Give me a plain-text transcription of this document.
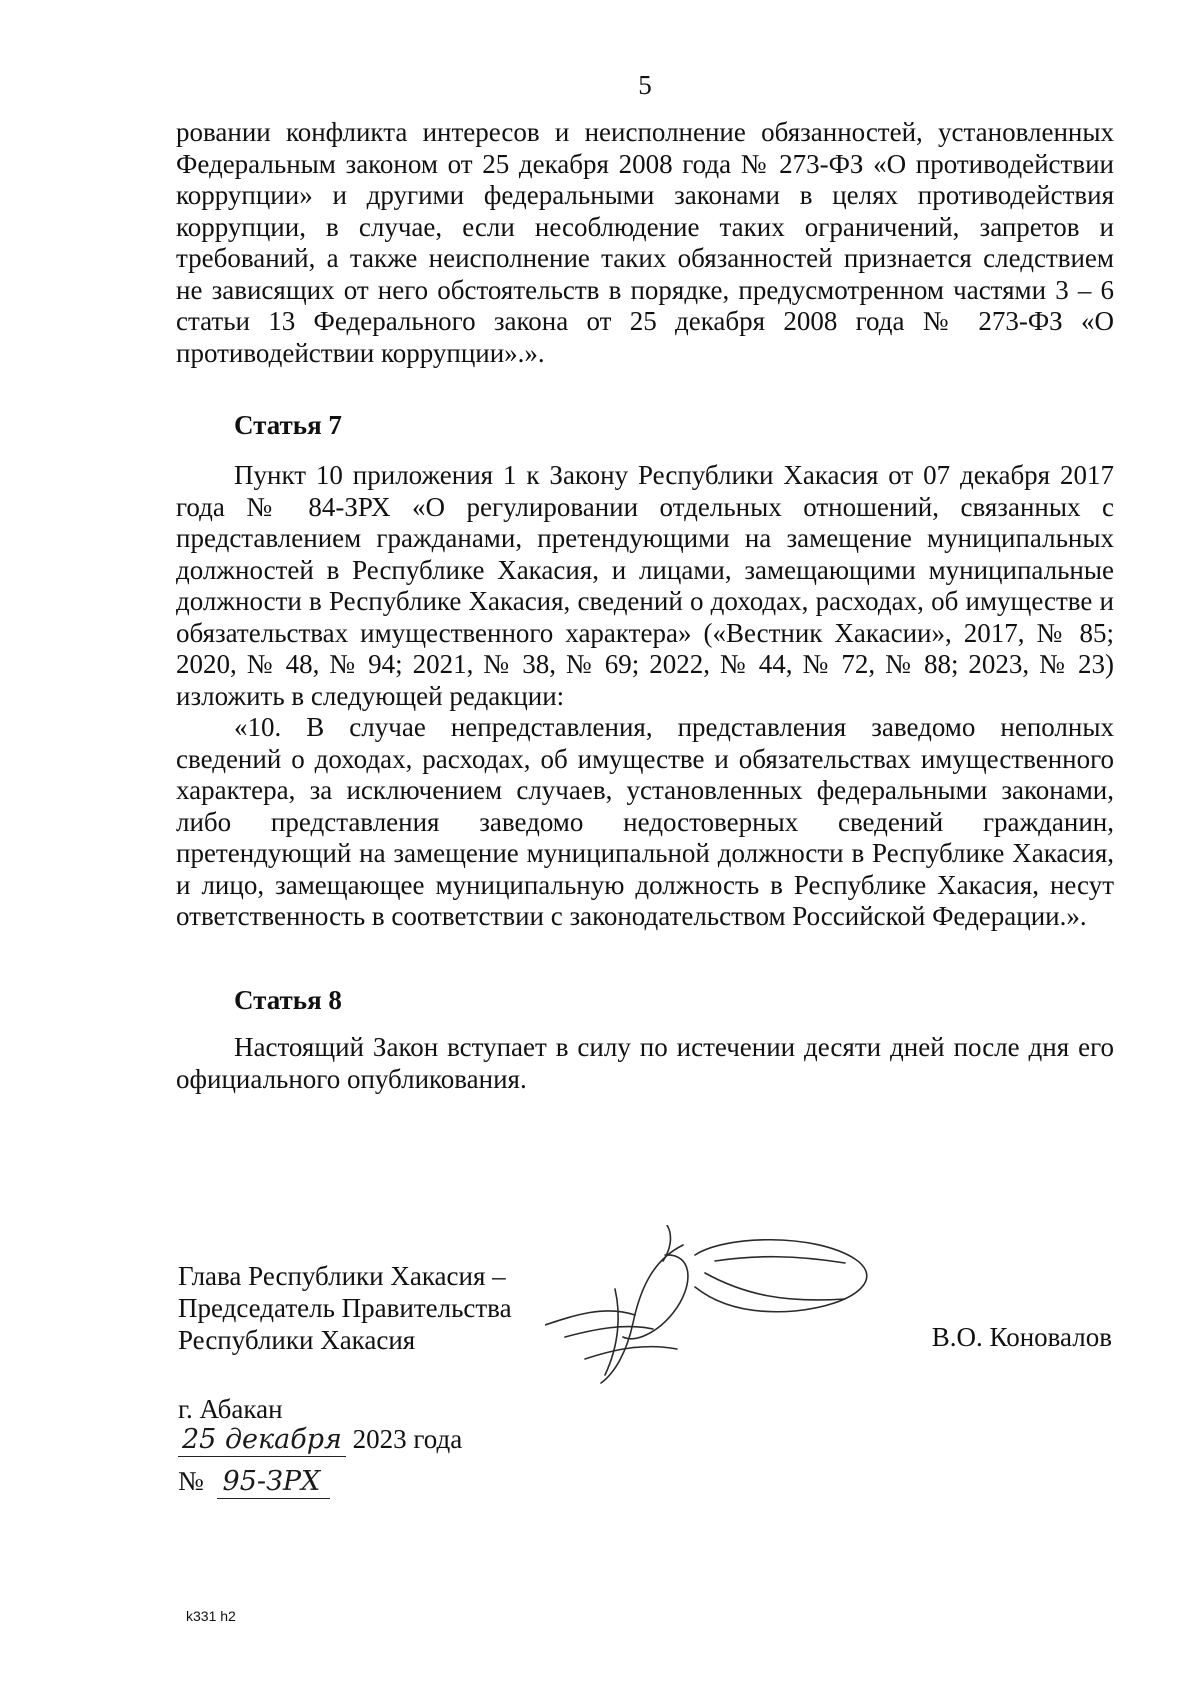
5

ровании конфликта интересов и неисполнение обязанностей, установленных Федеральным законом от 25 декабря 2008 года № 273-ФЗ «О противодействии коррупции» и другими федеральными законами в целях противодействия коррупции, в случае, если несоблюдение таких ограничений, запретов и требований, а также неисполнение таких обязанностей признается следствием не зависящих от него обстоятельств в порядке, предусмотренном частями 3 – 6 статьи 13 Федерального закона от 25 декабря 2008 года № 273-ФЗ «О противодействии коррупции».».

Статья 7

Пункт 10 приложения 1 к Закону Республики Хакасия от 07 декабря 2017 года № 84-ЗРХ «О регулировании отдельных отношений, связанных с представлением гражданами, претендующими на замещение муниципальных должностей в Республике Хакасия, и лицами, замещающими муниципальные должности в Республике Хакасия, сведений о доходах, расходах, об имуществе и обязательствах имущественного характера» («Вестник Хакасии», 2017, № 85; 2020, № 48, № 94; 2021, № 38, № 69; 2022, № 44, № 72, № 88; 2023, № 23) изложить в следующей редакции:

«10. В случае непредставления, представления заведомо неполных сведений о доходах, расходах, об имуществе и обязательствах имущественного характера, за исключением случаев, установленных федеральными законами, либо представления заведомо недостоверных сведений гражданин, претендующий на замещение муниципальной должности в Республике Хакасия, и лицо, замещающее муниципальную должность в Республике Хакасия, несут ответственность в соответствии с законодательством Российской Федерации.».

Статья 8

Настоящий Закон вступает в силу по истечении десяти дней после дня его официального опубликования.

Глава Республики Хакасия –
Председатель Правительства
Республики Хакасия	В.О. Коновалов
г. Абакан
25 декабря 2023 года
№ 95-ЗРХ
k331 h2
